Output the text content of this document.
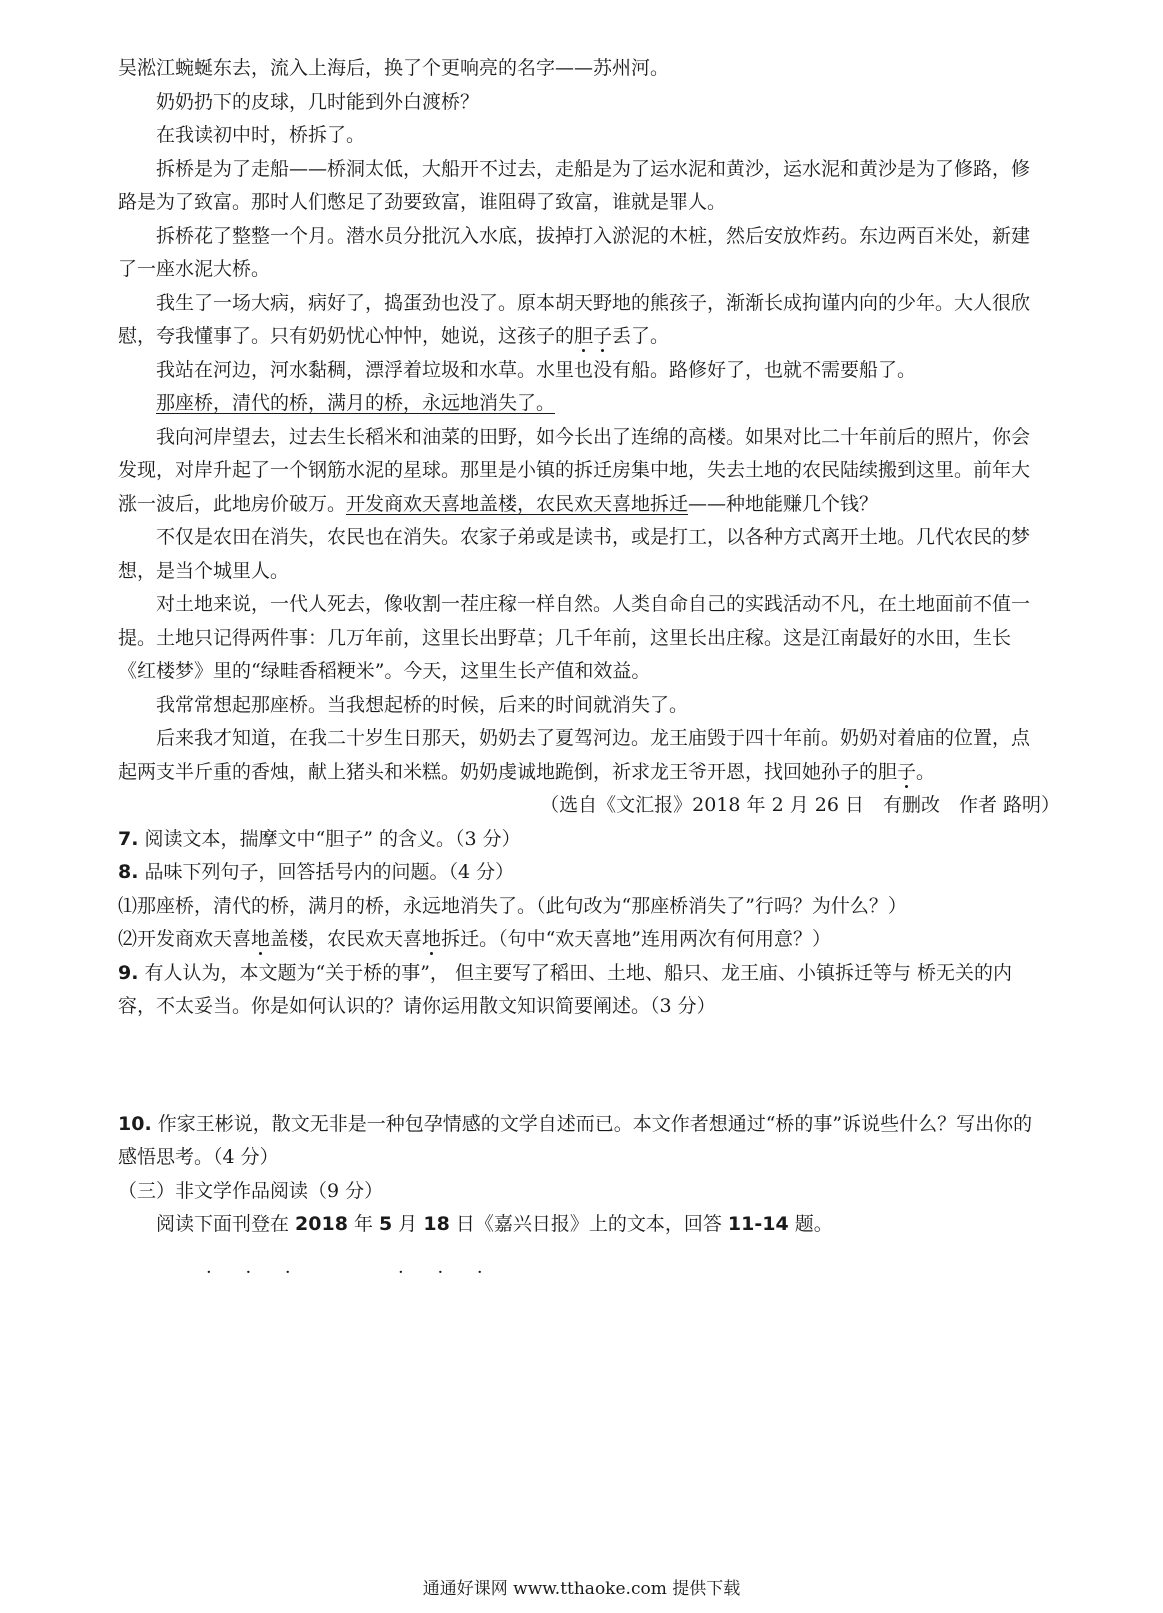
吴淞江蜿蜒东去，流入上海后，换了个更响亮的名字——苏州河。

奶奶扔下的皮球，几时能到外白渡桥？

在我读初中时，桥拆了。

拆桥是为了走船——桥洞太低，大船开不过去，走船是为了运水泥和黄沙，运水泥和黄沙是为了修路，修路是为了致富。那时人们憋足了劲要致富，谁阻碍了致富，谁就是罪人。

拆桥花了整整一个月。潜水员分批沉入水底，拔掉打入淤泥的木桩，然后安放炸药。东边两百米处，新建了一座水泥大桥。

我生了一场大病，病好了，捣蛋劲也没了。原本胡天野地的熊孩子，渐渐长成拘谨内向的少年。大人很欣慰，夸我懂事了。只有奶奶忧心忡忡，她说，这孩子的胆子丢了。

我站在河边，河水黏稠，漂浮着垃圾和水草。水里也没有船。路修好了，也就不需要船了。

那座桥，清代的桥，满月的桥，永远地消失了。

我向河岸望去，过去生长稻米和油菜的田野，如今长出了连绵的高楼。如果对比二十年前后的照片，你会发现，对岸升起了一个钢筋水泥的星球。那里是小镇的拆迁房集中地，失去土地的农民陆续搬到这里。前年大涨一波后，此地房价破万。开发商欢天喜地盖楼，农民欢天喜地拆迁——种地能赚几个钱？

不仅是农田在消失，农民也在消失。农家子弟或是读书，或是打工，以各种方式离开土地。几代农民的梦想，是当个城里人。

对土地来说，一代人死去，像收割一茬庄稼一样自然。人类自命自己的实践活动不凡，在土地面前不值一提。土地只记得两件事：几万年前，这里长出野草；几千年前，这里长出庄稼。这是江南最好的水田，生长《红楼梦》里的“绿畦香稻粳米”。今天，这里生长产值和效益。

我常常想起那座桥。当我想起桥的时候，后来的时间就消失了。

后来我才知道，在我二十岁生日那天，奶奶去了夏驾河边。龙王庙毁于四十年前。奶奶对着庙的位置，点起两支半斤重的香烛，献上猪头和米糕。奶奶虔诚地跪倒，祈求龙王爷开恩，找回她孙子的胆子。

（选自《文汇报》2018 年 2 月 26 日　有删改　作者 路明）

7. 阅读文本，揣摩文中“胆子” 的含义。（3 分）

8. 品味下列句子，回答括号内的问题。（4 分）

⑴那座桥，清代的桥，满月的桥，永远地消失了。（此句改为“那座桥消失了”行吗？为什么？）

⑵开发商欢天喜地盖楼，农民欢天喜地拆迁。（句中“欢天喜地”连用两次有何用意？）

9. 有人认为，本文题为“关于桥的事”， 但主要写了稻田、土地、船只、龙王庙、小镇拆迁等与 桥无关的内容，不太妥当。你是如何认识的？请你运用散文知识简要阐述。（3 分）

10. 作家王彬说，散文无非是一种包孕情感的文学自述而已。本文作者想通过“桥的事”诉说些什么？写出你的感悟思考。（4 分）

（三）非文学作品阅读（9 分）

阅读下面刊登在 2018 年 5 月 18 日《嘉兴日报》上的文本，回答 11-14 题。

· · ·	· · ·
通通好课网 www.tthaoke.com 提供下载
